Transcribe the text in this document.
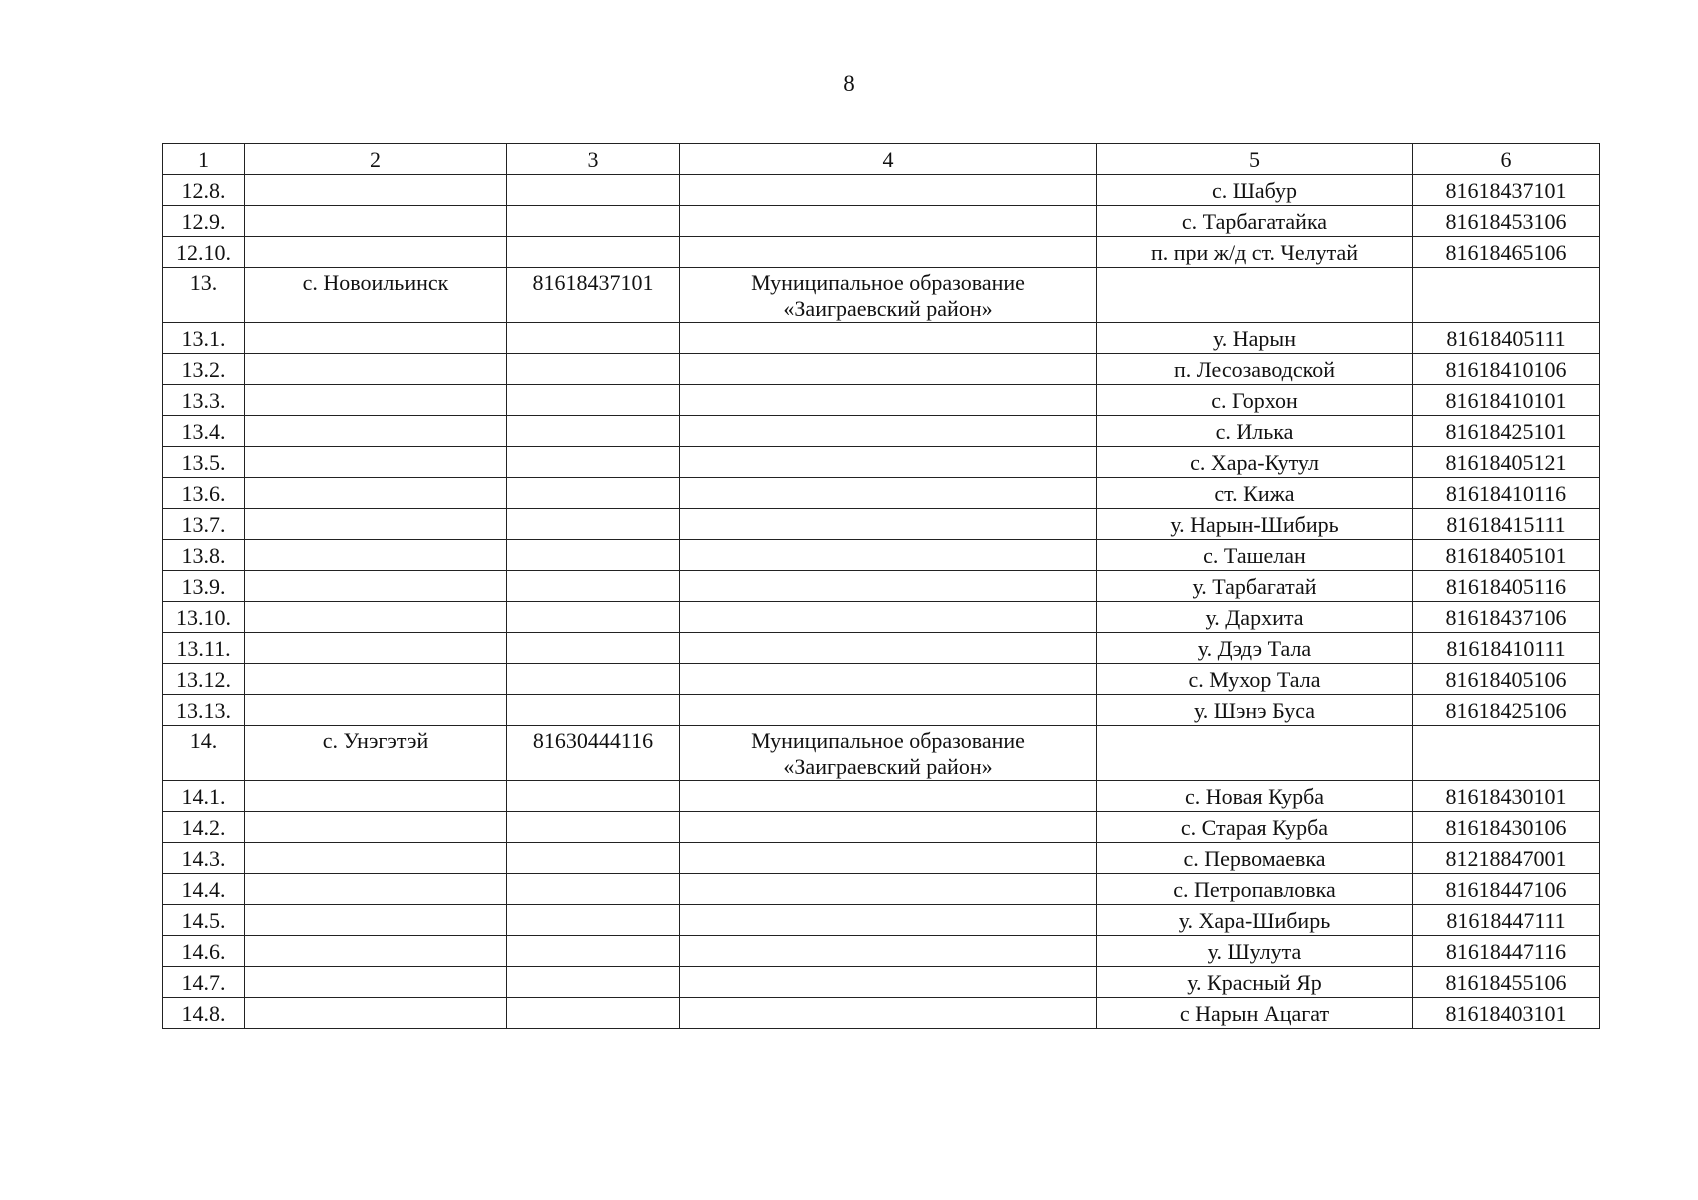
8
1	2	3	4	5	6
12.8.				с. Шабур	81618437101
12.9.				с. Тарбагатайка	81618453106
12.10.				п. при ж/д ст. Челутай	81618465106
13.	с. Новоильинск	81618437101	Муниципальное образование «Заиграевский район»		
13.1.				у. Нарын	81618405111
13.2.				п. Лесозаводской	81618410106
13.3.				с. Горхон	81618410101
13.4.				с. Илька	81618425101
13.5.				с. Хара-Кутул	81618405121
13.6.				ст. Кижа	81618410116
13.7.				у. Нарын-Шибирь	81618415111
13.8.				с. Ташелан	81618405101
13.9.				у. Тарбагатай	81618405116
13.10.				у. Дархита	81618437106
13.11.				у. Дэдэ Тала	81618410111
13.12.				с. Мухор Тала	81618405106
13.13.				у. Шэнэ Буса	81618425106
14.	с. Унэгэтэй	81630444116	Муниципальное образование «Заиграевский район»		
14.1.				с. Новая Курба	81618430101
14.2.				с. Старая Курба	81618430106
14.3.				с. Первомаевка	81218847001
14.4.				с. Петропавловка	81618447106
14.5.				у. Хара-Шибирь	81618447111
14.6.				у. Шулута	81618447116
14.7.				у. Красный Яр	81618455106
14.8.				с Нарын Ацагат	81618403101
